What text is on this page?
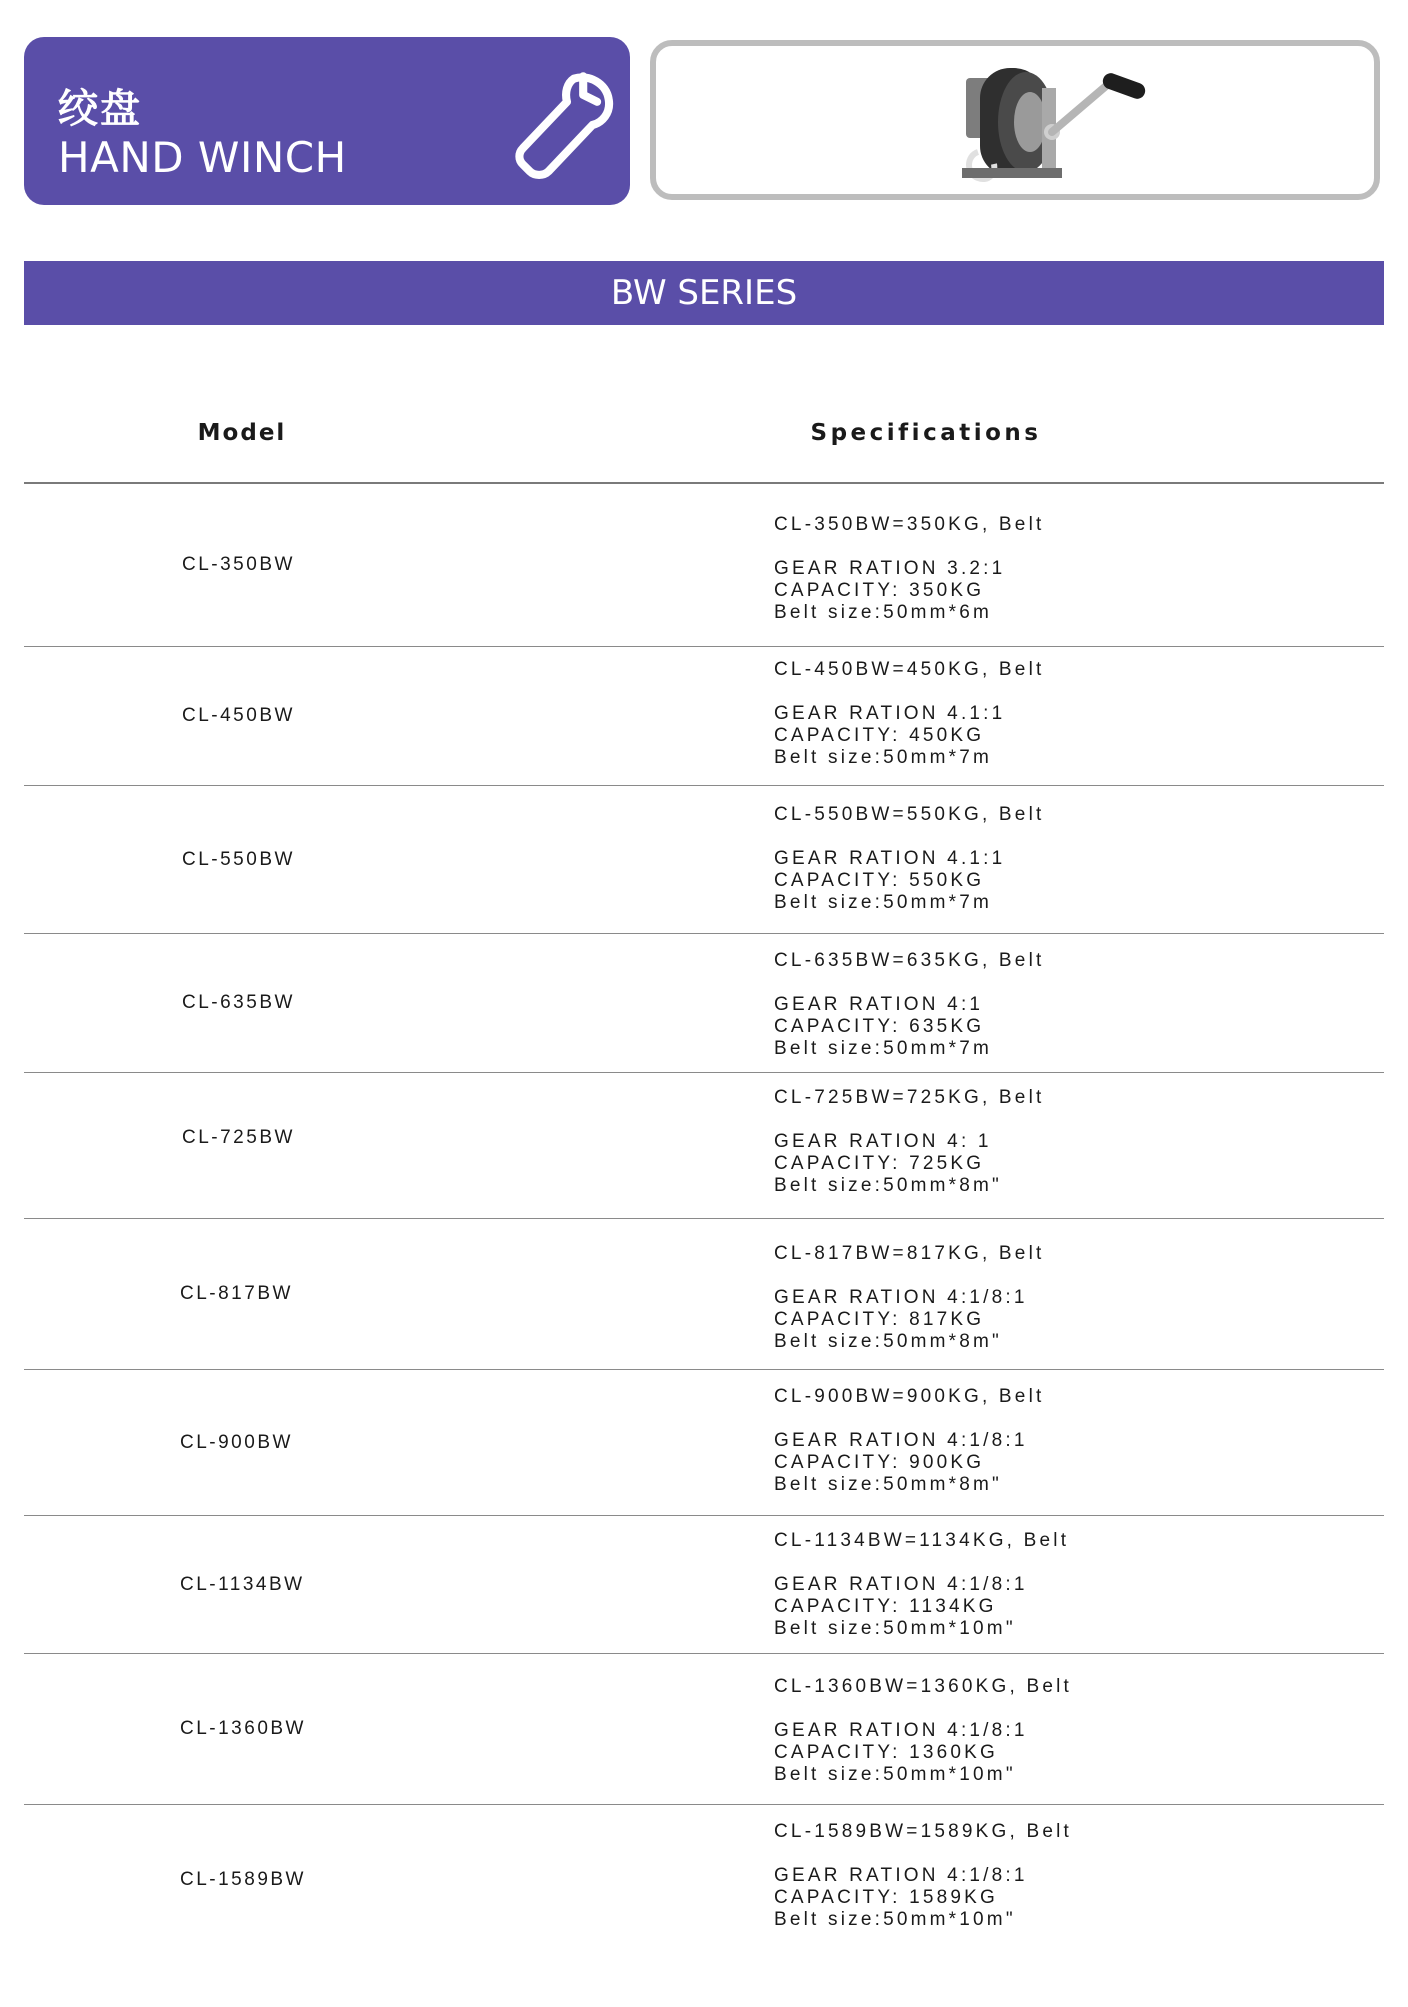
绞盘
HAND WINCH
BW SERIES
Model	Specifications
CL-350BW
CL-350BW=350KG, Belt
GEAR RATION 3.2:1
CAPACITY: 350KG
Belt size:50mm*6m
CL-450BW
CL-450BW=450KG, Belt
GEAR RATION 4.1:1
CAPACITY: 450KG
Belt size:50mm*7m
CL-550BW
CL-550BW=550KG, Belt
GEAR RATION 4.1:1
CAPACITY: 550KG
Belt size:50mm*7m
CL-635BW
CL-635BW=635KG, Belt
GEAR RATION 4:1
CAPACITY: 635KG
Belt size:50mm*7m
CL-725BW
CL-725BW=725KG, Belt
GEAR RATION 4: 1
CAPACITY: 725KG
Belt size:50mm*8m"
CL-817BW
CL-817BW=817KG, Belt
GEAR RATION 4:1/8:1
CAPACITY: 817KG
Belt size:50mm*8m"
CL-900BW
CL-900BW=900KG, Belt
GEAR RATION 4:1/8:1
CAPACITY: 900KG
Belt size:50mm*8m"
CL-1134BW
CL-1134BW=1134KG, Belt
GEAR RATION 4:1/8:1
CAPACITY: 1134KG
Belt size:50mm*10m"
CL-1360BW
CL-1360BW=1360KG, Belt
GEAR RATION 4:1/8:1
CAPACITY: 1360KG
Belt size:50mm*10m"
CL-1589BW
CL-1589BW=1589KG, Belt
GEAR RATION 4:1/8:1
CAPACITY: 1589KG
Belt size:50mm*10m"
